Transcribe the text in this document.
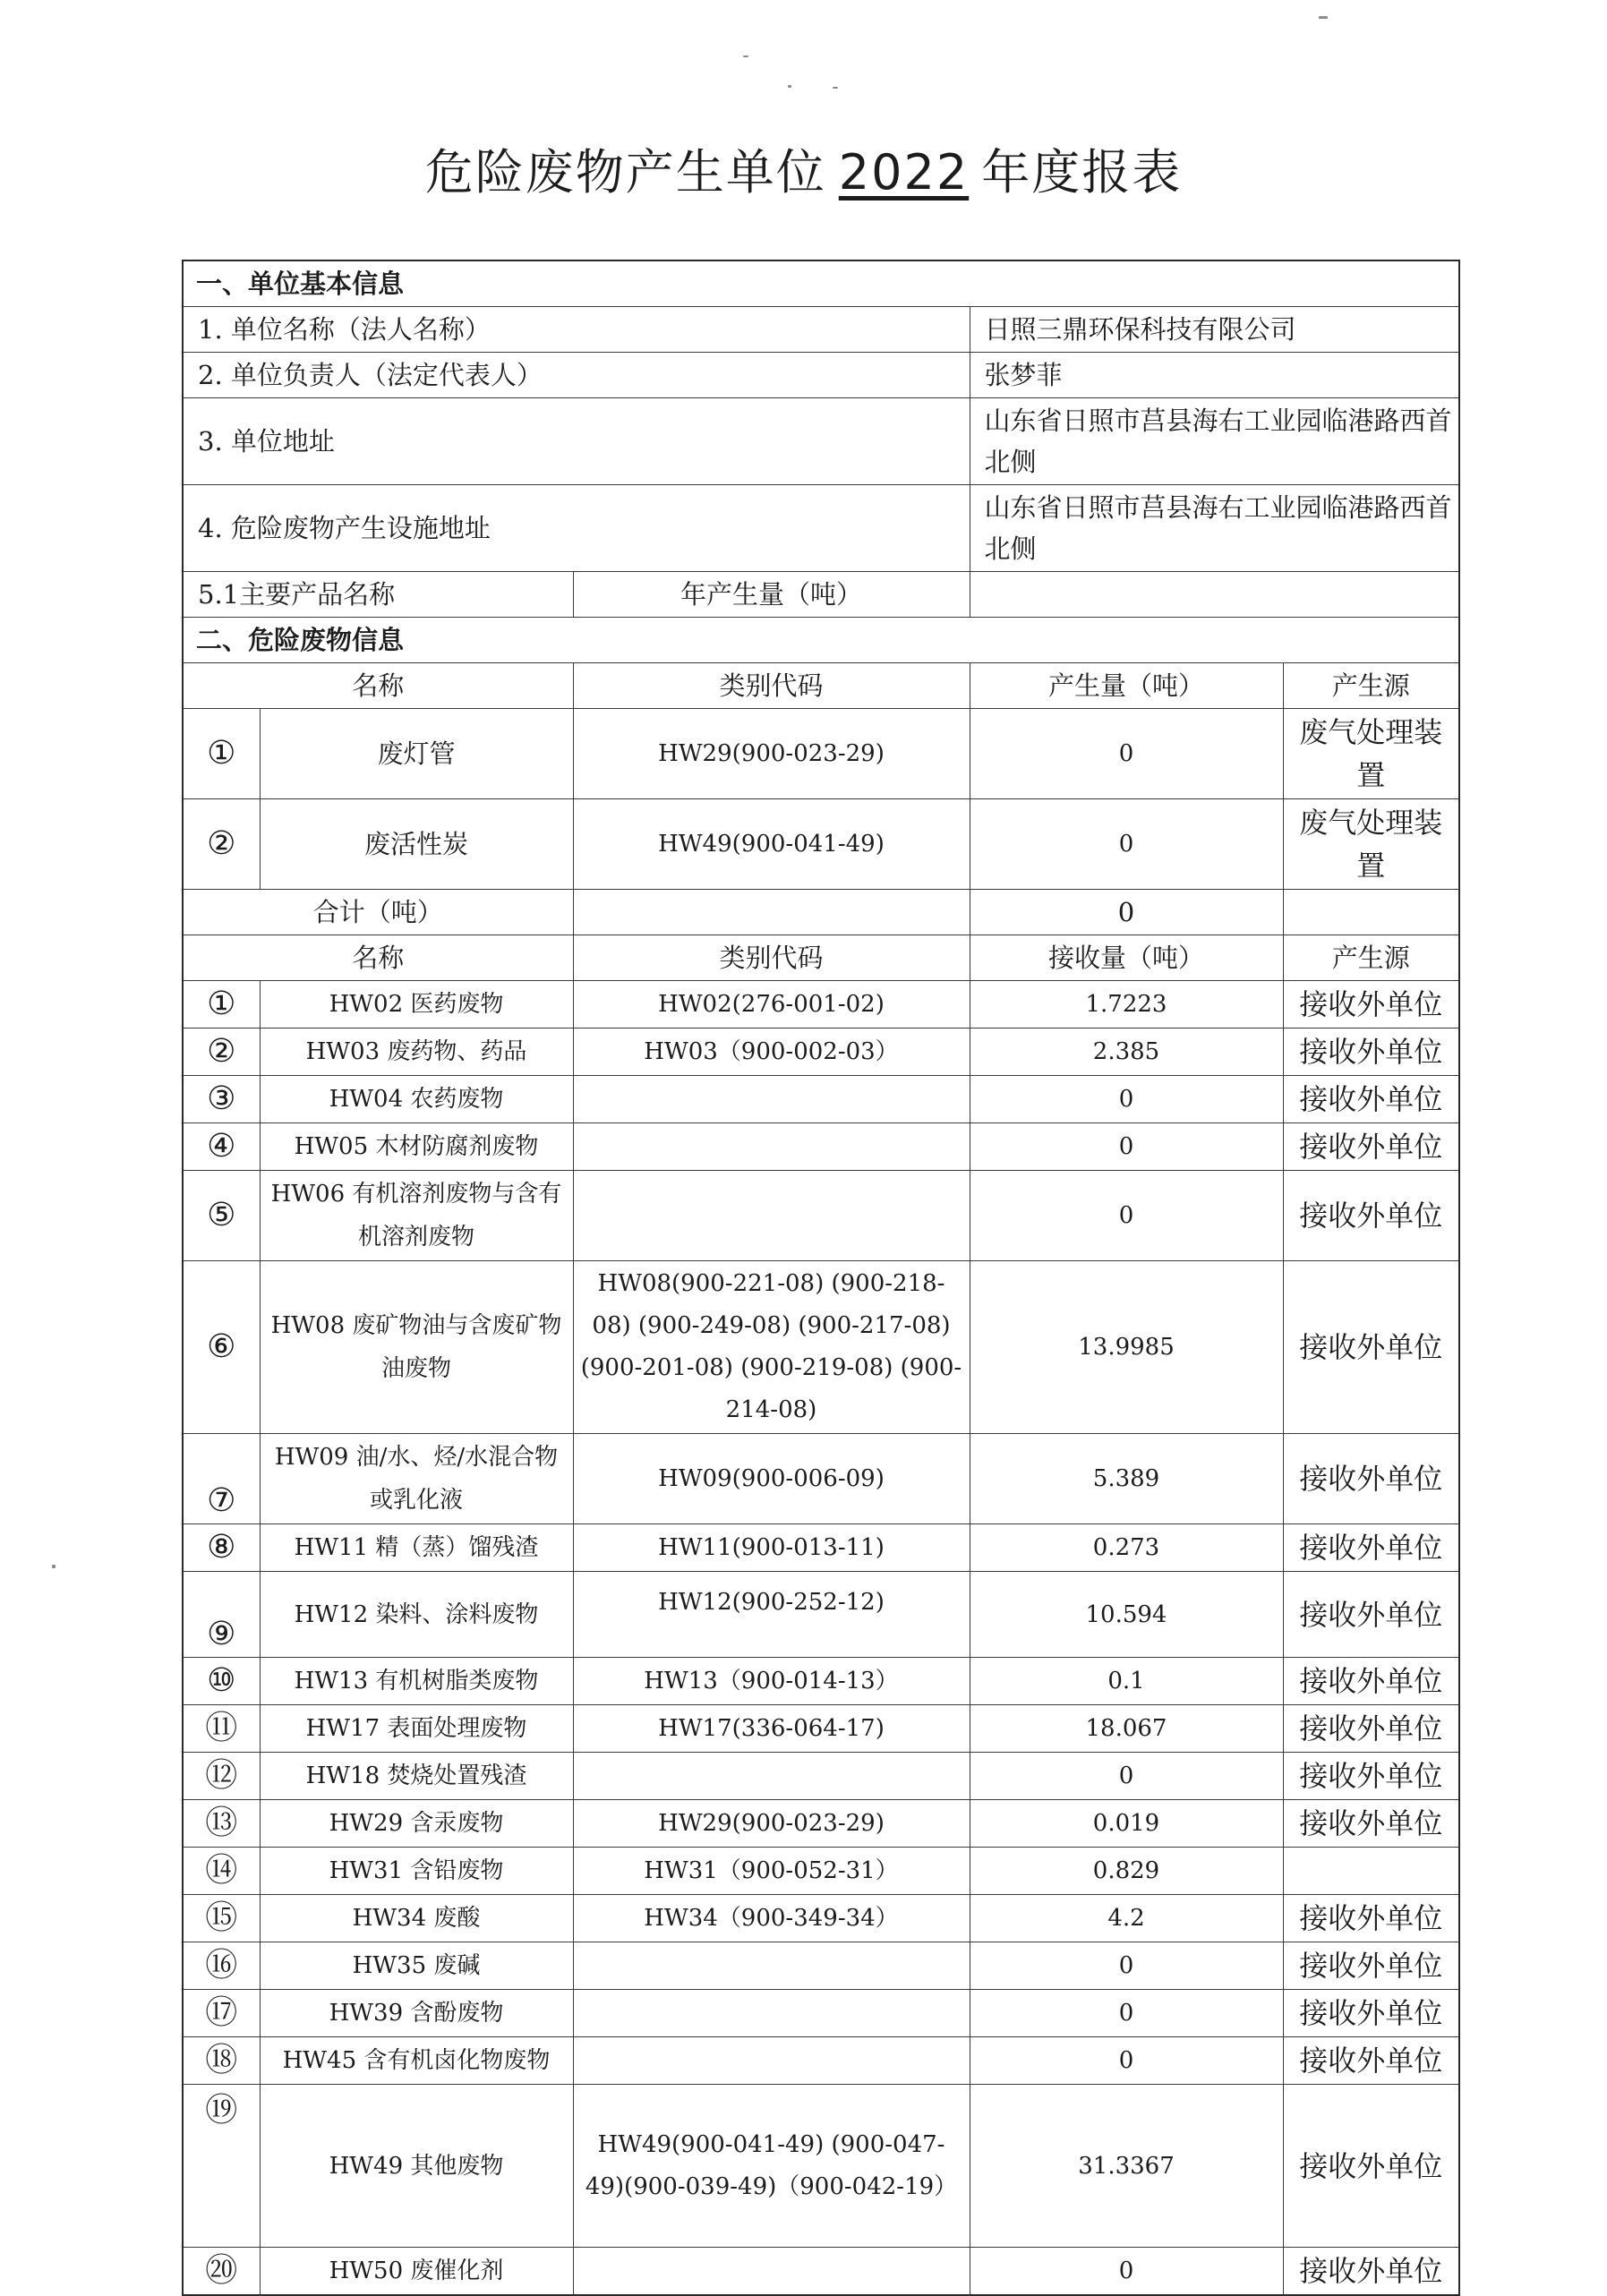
危险废物产生单位 2022 年度报表
一、单位基本信息				
1. 单位名称（法人名称）			日照三鼎环保科技有限公司	
2. 单位负责人（法定代表人）			张梦菲	
3. 单位地址			山东省日照市莒县海右工业园临港路西首北侧	
4. 危险废物产生设施地址			山东省日照市莒县海右工业园临港路西首北侧	
5.1主要产品名称		年产生量（吨）		
二、危险废物信息				
名称		类别代码	产生量（吨）	产生源
①	废灯管	HW29(900-023-29)	0	废气处理装置
②	废活性炭	HW49(900-041-49)	0	废气处理装置
合计（吨）			0	
名称		类别代码	接收量（吨）	产生源
①	HW02 医药废物	HW02(276-001-02)	1.7223	接收外单位
②	HW03 废药物、药品	HW03（900-002-03）	2.385	接收外单位
③	HW04 农药废物		0	接收外单位
④	HW05 木材防腐剂废物		0	接收外单位
⑤	HW06 有机溶剂废物与含有机溶剂废物		0	接收外单位
⑥	HW08 废矿物油与含废矿物油废物	HW08(900-221-08) (900-218-08) (900-249-08) (900-217-08) (900-201-08) (900-219-08) (900-214-08)	13.9985	接收外单位
⑦	HW09 油/水、烃/水混合物或乳化液	HW09(900-006-09)	5.389	接收外单位
⑧	HW11 精（蒸）馏残渣	HW11(900-013-11)	0.273	接收外单位
⑨	HW12 染料、涂料废物	HW12(900-252-12)	10.594	接收外单位
⑩	HW13 有机树脂类废物	HW13（900-014-13）	0.1	接收外单位
⑪	HW17 表面处理废物	HW17(336-064-17)	18.067	接收外单位
⑫	HW18 焚烧处置残渣		0	接收外单位
⑬	HW29 含汞废物	HW29(900-023-29)	0.019	接收外单位
⑭	HW31 含铅废物	HW31（900-052-31）	0.829	
⑮	HW34 废酸	HW34（900-349-34）	4.2	接收外单位
⑯	HW35 废碱		0	接收外单位
⑰	HW39 含酚废物		0	接收外单位
⑱	HW45 含有机卤化物废物		0	接收外单位
⑲	HW49 其他废物	HW49(900-041-49) (900-047-49)(900-039-49)（900-042-19）	31.3367	接收外单位
⑳	HW50 废催化剂		0	接收外单位
